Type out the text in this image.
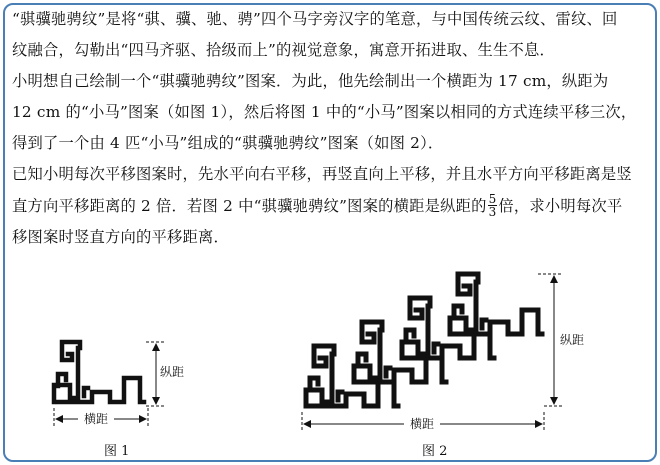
“骐骥驰骋纹”是将“骐、骥、驰、骋”四个马字旁汉字的笔意，与中国传统云纹、雷纹、回
纹融合，勾勒出“四马齐驱、拾级而上”的视觉意象，寓意开拓进取、生生不息．
小明想自己绘制一个“骐骥驰骋纹”图案．为此，他先绘制出一个横距为 17 cm，纵距为
12 cm 的“小马”图案（如图 1），然后将图 1 中的“小马”图案以相同的方式连续平移三次，
得到了一个由 4 匹“小马”组成的“骐骥驰骋纹”图案（如图 2）．
已知小明每次平移图案时，先水平向右平移，再竖直向上平移，并且水平方向平移距离是竖
直方向平移距离的 2 倍．若图 2 中“骐骥驰骋纹”图案的横距是纵距的 $\frac{5}{3}$ 倍，求小明每次平
移图案时竖直方向的平移距离．
横距
纵距
图 1
横距
纵距
图 2
